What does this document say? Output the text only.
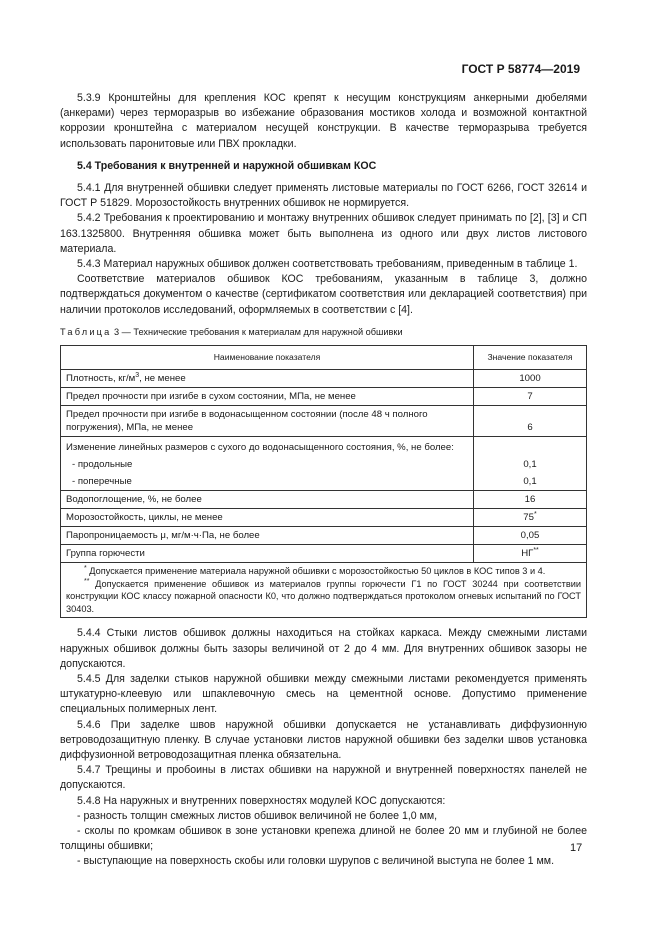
ГОСТ Р 58774—2019

5.3.9 Кронштейны для крепления КОС крепят к несущим конструкциям анкерными дюбелями (анкерами) через терморазрыв во избежание образования мостиков холода и возможной контактной коррозии кронштейна с материалом несущей конструкции. В качестве терморазрыва требуется использовать паронитовые или ПВХ прокладки.

5.4 Требования к внутренней и наружной обшивкам КОС

5.4.1 Для внутренней обшивки следует применять листовые материалы по ГОСТ 6266, ГОСТ 32614 и ГОСТ Р 51829. Морозостойкость внутренних обшивок не нормируется.

5.4.2 Требования к проектированию и монтажу внутренних обшивок следует принимать по [2], [3] и СП 163.1325800. Внутренняя обшивка может быть выполнена из одного или двух листов листового материала.

5.4.3 Материал наружных обшивок должен соответствовать требованиям, приведенным в таблице 1.

Соответствие материалов обшивок КОС требованиям, указанным в таблице 3, должно подтверждаться документом о качестве (сертификатом соответствия или декларацией соответствия) при наличии протоколов исследований, оформляемых в соответствии с [4].

Таблица 3 — Технические требования к материалам для наружной обшивки

Наименование показателя	Значение показателя
Плотность, $кг/м^3$, не менее	1000
Предел прочности при изгибе в сухом состоянии, МПа, не менее	7
Предел прочности при изгибе в водонасыщенном состоянии (после 48 ч полного погружения), МПа, не менее	6
Изменение линейных размеров с сухого до водонасыщенного состояния, %, не более:	
- продольные	0,1
- поперечные	0,1
Водопоглощение, %, не более	16
Морозостойкость, циклы, не менее	75*
Паропроницаемость μ, мг/м·ч·Па, не более	0,05
Группа горючести	НГ**

* Допускается применение материала наружной обшивки с морозостойкостью 50 циклов в КОС типов 3 и 4.
** Допускается применение обшивок из материалов группы горючести Г1 по ГОСТ 30244 при соответствии конструкции КОС классу пожарной опасности К0, что должно подтверждаться протоколом огневых испытаний по ГОСТ 30403.	

5.4.4 Стыки листов обшивок должны находиться на стойках каркаса. Между смежными листами наружных обшивок должны быть зазоры величиной от 2 до 4 мм. Для внутренних обшивок зазоры не допускаются.

5.4.5 Для заделки стыков наружной обшивки между смежными листами рекомендуется применять штукатурно-клеевую или шпаклевочную смесь на цементной основе. Допустимо применение специальных полимерных лент.

5.4.6 При заделке швов наружной обшивки допускается не устанавливать диффузионную ветроводозащитную пленку. В случае установки листов наружной обшивки без заделки швов установка диффузионной ветроводозащитная пленка обязательна.

5.4.7 Трещины и пробоины в листах обшивки на наружной и внутренней поверхностях панелей не допускаются.

5.4.8 На наружных и внутренних поверхностях модулей КОС допускаются:

- разность толщин смежных листов обшивок величиной не более 1,0 мм,

- сколы по кромкам обшивок в зоне установки крепежа длиной не более 20 мм и глубиной не более толщины обшивки;

- выступающие на поверхность скобы или головки шурупов с величиной выступа не более 1 мм.

17
